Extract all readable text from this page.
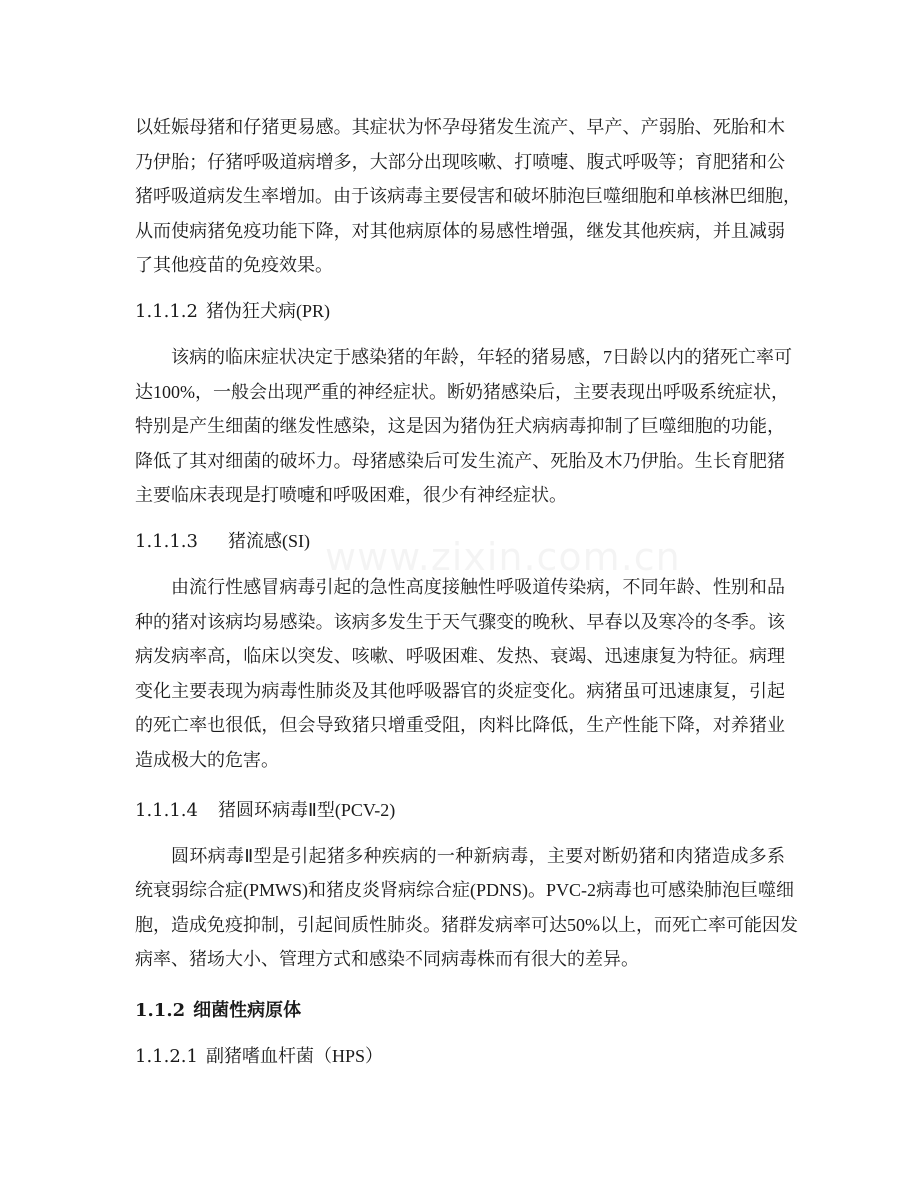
以妊娠母猪和仔猪更易感。其症状为怀孕母猪发生流产、早产、产弱胎、死胎和木
乃伊胎；仔猪呼吸道病增多，大部分出现咳嗽、打喷嚏、腹式呼吸等；育肥猪和公
猪呼吸道病发生率增加。由于该病毒主要侵害和破坏肺泡巨噬细胞和单核淋巴细胞，
从而使病猪免疫功能下降，对其他病原体的易感性增强，继发其他疾病，并且减弱
了其他疫苗的免疫效果。
1.1.1.2 猪伪狂犬病(PR)
该病的临床症状决定于感染猪的年龄，年轻的猪易感，7日龄以内的猪死亡率可
达100%，一般会出现严重的神经症状。断奶猪感染后，主要表现出呼吸系统症状，
特别是产生细菌的继发性感染，这是因为猪伪狂犬病病毒抑制了巨噬细胞的功能，
降低了其对细菌的破坏力。母猪感染后可发生流产、死胎及木乃伊胎。生长育肥猪
主要临床表现是打喷嚏和呼吸困难，很少有神经症状。
1.1.1.3 猪流感(SI)
由流行性感冒病毒引起的急性高度接触性呼吸道传染病，不同年龄、性别和品
种的猪对该病均易感染。该病多发生于天气骤变的晚秋、早春以及寒冷的冬季。该
病发病率高，临床以突发、咳嗽、呼吸困难、发热、衰竭、迅速康复为特征。病理
变化主要表现为病毒性肺炎及其他呼吸器官的炎症变化。病猪虽可迅速康复，引起
的死亡率也很低，但会导致猪只增重受阻，肉料比降低，生产性能下降，对养猪业
造成极大的危害。
1.1.1.4 猪圆环病毒Ⅱ型(PCV-2)
圆环病毒Ⅱ型是引起猪多种疾病的一种新病毒，主要对断奶猪和肉猪造成多系
统衰弱综合症(PMWS)和猪皮炎肾病综合症(PDNS)。PVC-2病毒也可感染肺泡巨噬细
胞，造成免疫抑制，引起间质性肺炎。猪群发病率可达50%以上，而死亡率可能因发
病率、猪场大小、管理方式和感染不同病毒株而有很大的差异。
1.1.2 细菌性病原体
1.1.2.1 副猪嗜血杆菌（HPS）
